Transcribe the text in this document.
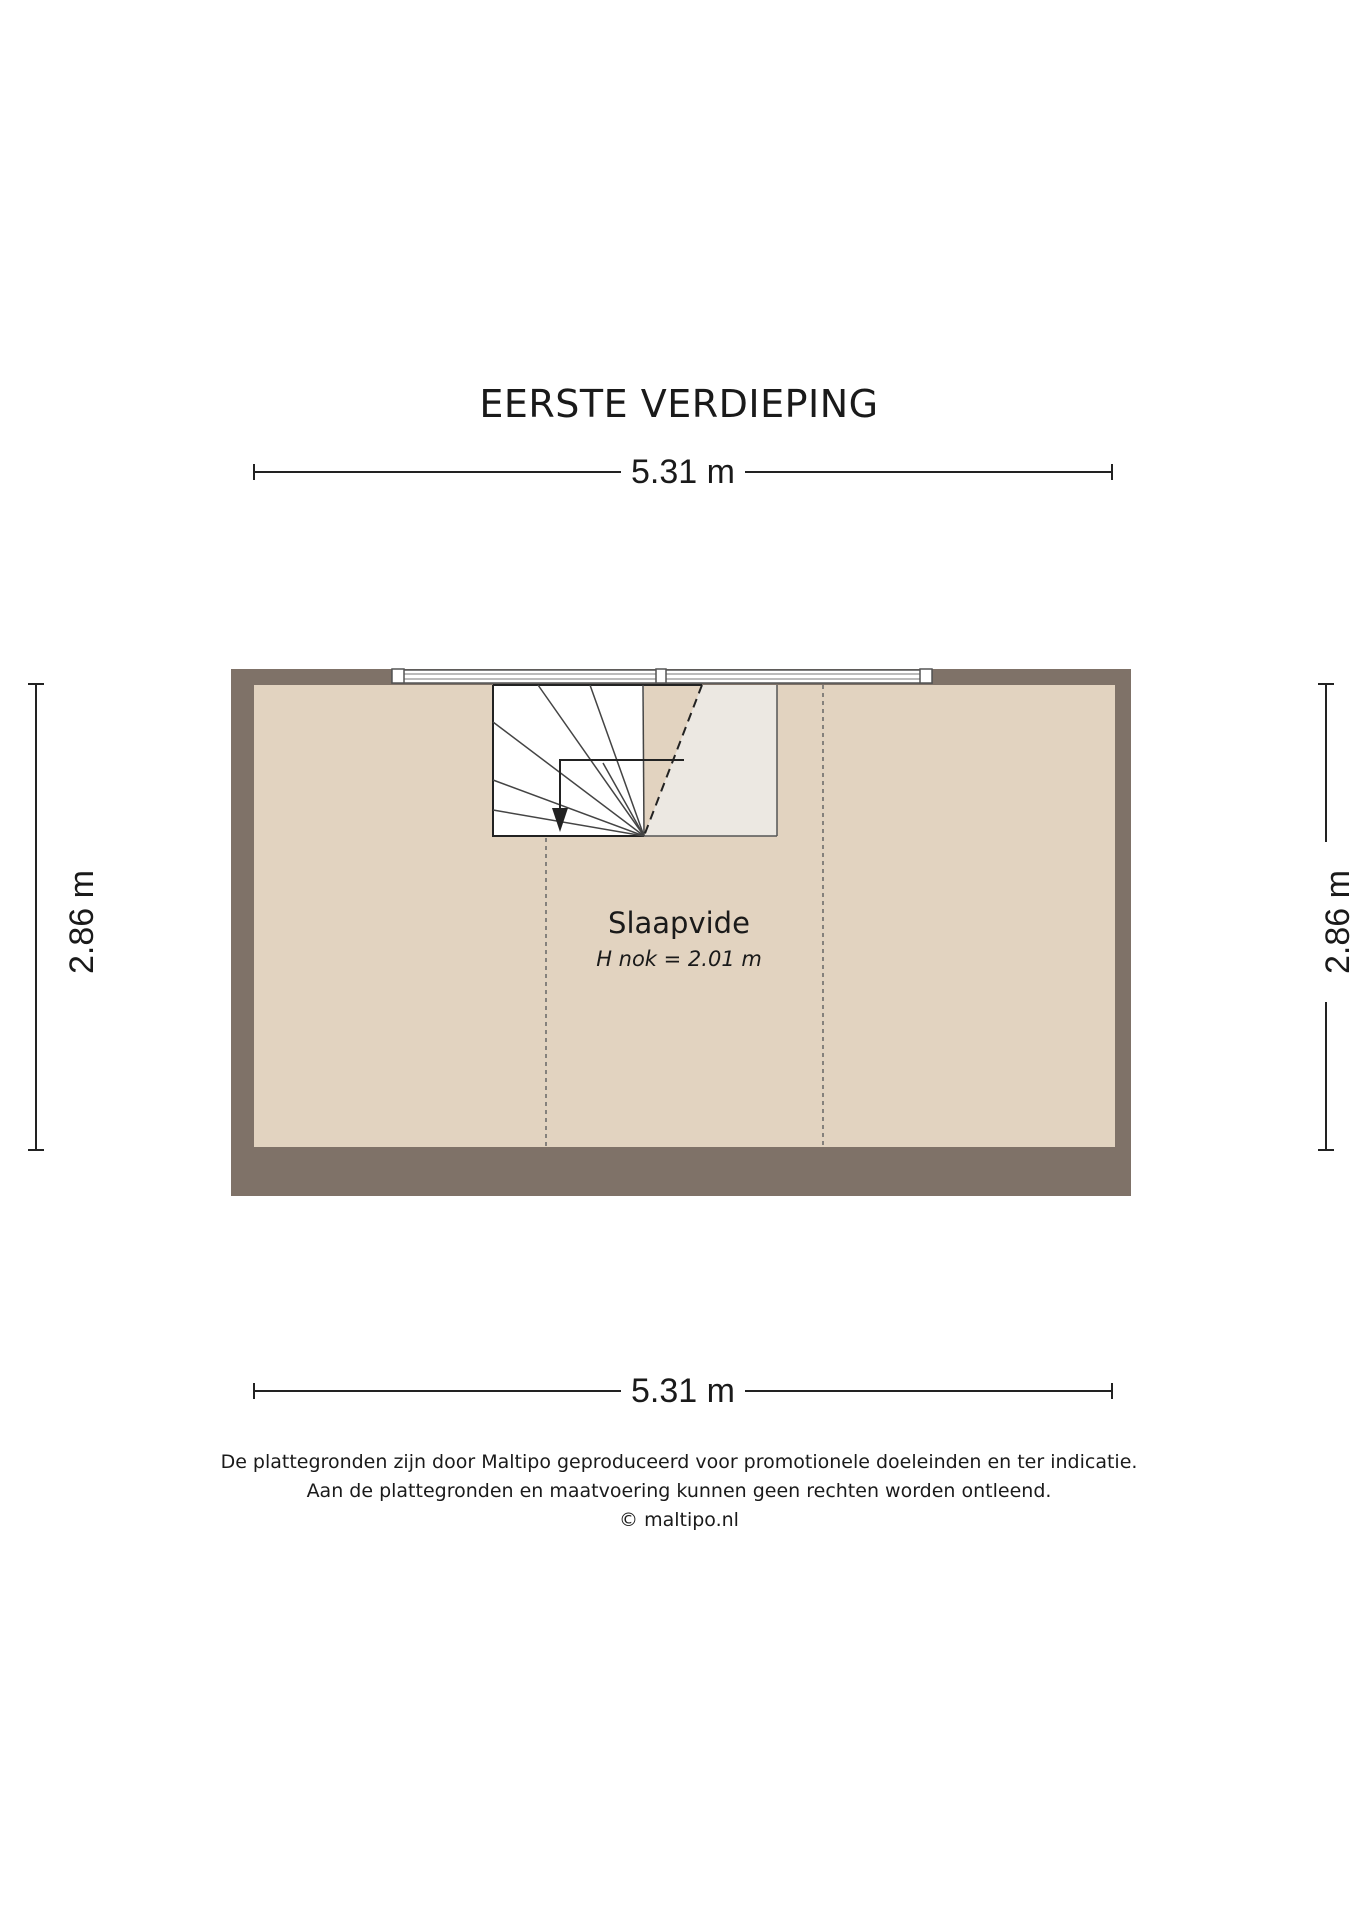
EERSTE VERDIEPING
5.31 m
5.31 m
2.86 m	2.86 m
Slaapvide
H nok = 2.01 m
De plattegronden zijn door Maltipo geproduceerd voor promotionele doeleinden en ter indicatie.
Aan de plattegronden en maatvoering kunnen geen rechten worden ontleend.
© maltipo.nl
